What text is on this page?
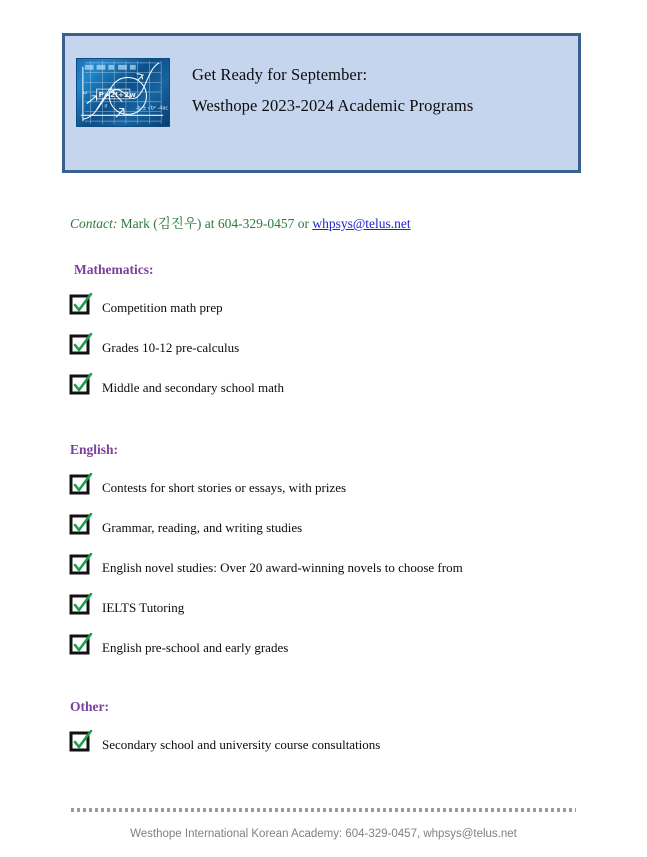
P=2I+2w
ω
-b ± √b² -4ac
σ
Get Ready for September:
Westhope 2023-2024 Academic Programs
Contact: Mark (김진우) at 604-329-0457 or whpsys@telus.net
Mathematics:
Competition math prep
Grades 10-12 pre-calculus
Middle and secondary school math
English:
Contests for short stories or essays, with prizes
Grammar, reading, and writing studies
English novel studies: Over 20 award-winning novels to choose from
IELTS Tutoring
English pre-school and early grades
Other:
Secondary school and university course consultations
Westhope International Korean Academy: 604-329-0457, whpsys@telus.net
